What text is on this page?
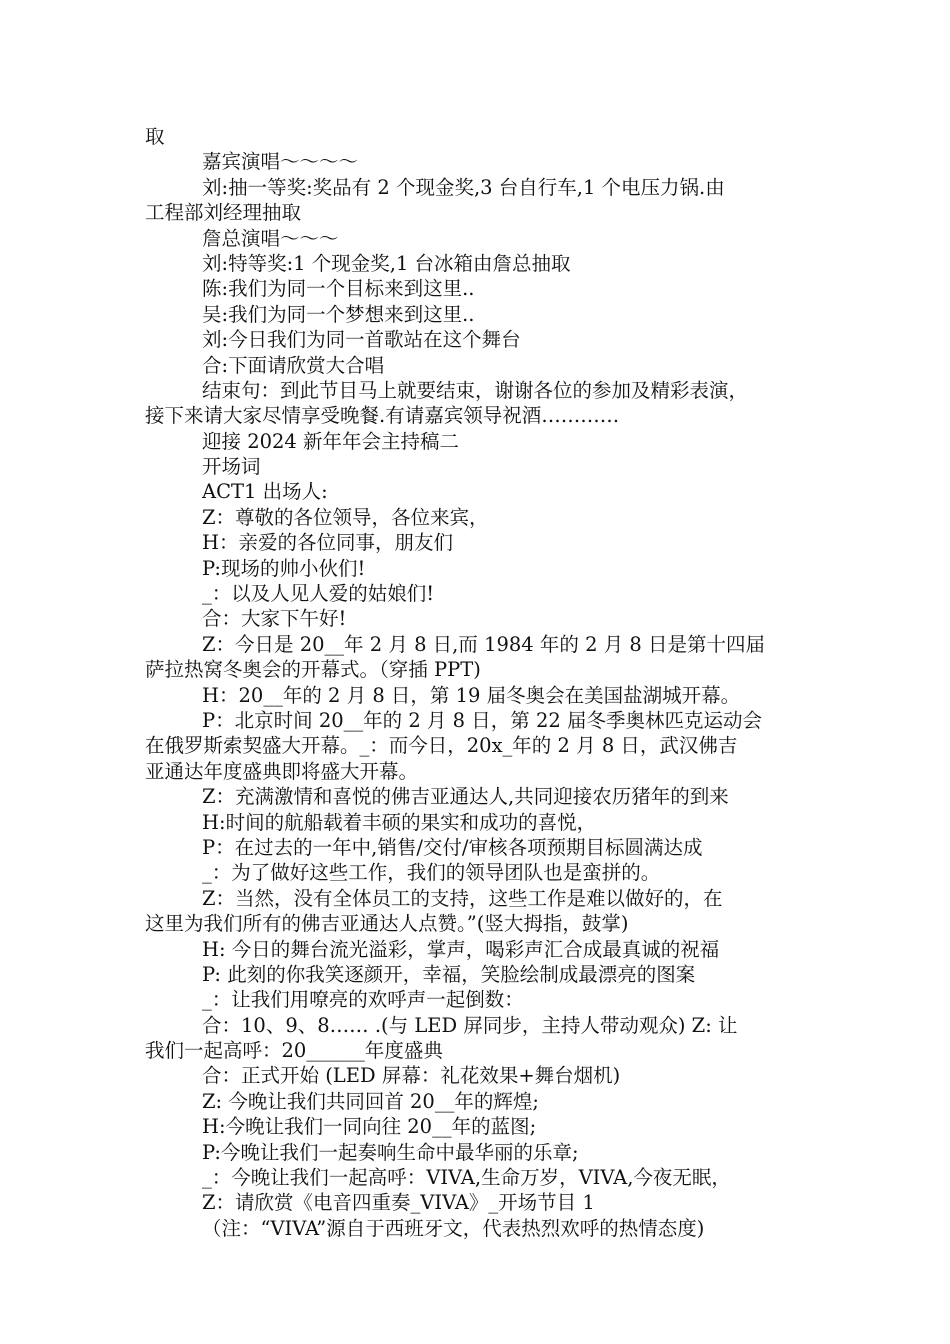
取
嘉宾演唱～～～～
刘:抽一等奖:奖品有 2 个现金奖,3 台自行车,1 个电压力锅.由
工程部刘经理抽取
詹总演唱～～～
刘:特等奖:1 个现金奖,1 台冰箱由詹总抽取
陈:我们为同一个目标来到这里..
吴:我们为同一个梦想来到这里..
刘:今日我们为同一首歌站在这个舞台
合:下面请欣赏大合唱
结束句：到此节目马上就要结束，谢谢各位的参加及精彩表演，
接下来请大家尽情享受晚餐.有请嘉宾领导祝酒…………
迎接 2024 新年年会主持稿二
开场词
ACT1 出场人:
Z：尊敬的各位领导，各位来宾，
H：亲爱的各位同事，朋友们
P:现场的帅小伙们!
_：以及人见人爱的姑娘们!
合：大家下午好!
Z：今日是 20__年 2 月 8 日,而 1984 年的 2 月 8 日是第十四届
萨拉热窝冬奥会的开幕式。（穿插 PPT)
H：20__年的 2 月 8 日，第 19 届冬奥会在美国盐湖城开幕。
P：北京时间 20__年的 2 月 8 日，第 22 届冬季奥林匹克运动会
在俄罗斯索契盛大开幕。_：而今日，20x_年的 2 月 8 日，武汉佛吉
亚通达年度盛典即将盛大开幕。
Z：充满激情和喜悦的佛吉亚通达人,共同迎接农历猪年的到来
H:时间的航船载着丰硕的果实和成功的喜悦，
P：在过去的一年中,销售/交付/审核各项预期目标圆满达成
_：为了做好这些工作，我们的领导团队也是蛮拼的。
Z：当然，没有全体员工的支持，这些工作是难以做好的，在
这里为我们所有的佛吉亚通达人点赞。”(竖大拇指，鼓掌)
H: 今日的舞台流光溢彩，掌声，喝彩声汇合成最真诚的祝福
P: 此刻的你我笑逐颜开，幸福，笑脸绘制成最漂亮的图案
_：让我们用嘹亮的欢呼声一起倒数：
合：10、9、8…… .(与 LED 屏同步，主持人带动观众) Z: 让
我们一起高呼：20______年度盛典
合：正式开始 (LED 屏幕：礼花效果+舞台烟机)
Z: 今晚让我们共同回首 20__年的辉煌;
H:今晚让我们一同向往 20__年的蓝图;
P:今晚让我们一起奏响生命中最华丽的乐章;
_：今晚让我们一起高呼：VIVA,生命万岁，VIVA,今夜无眠，
Z：请欣赏《电音四重奏_VIVA》_开场节目 1
（注：“VIVA”源自于西班牙文，代表热烈欢呼的热情态度)
